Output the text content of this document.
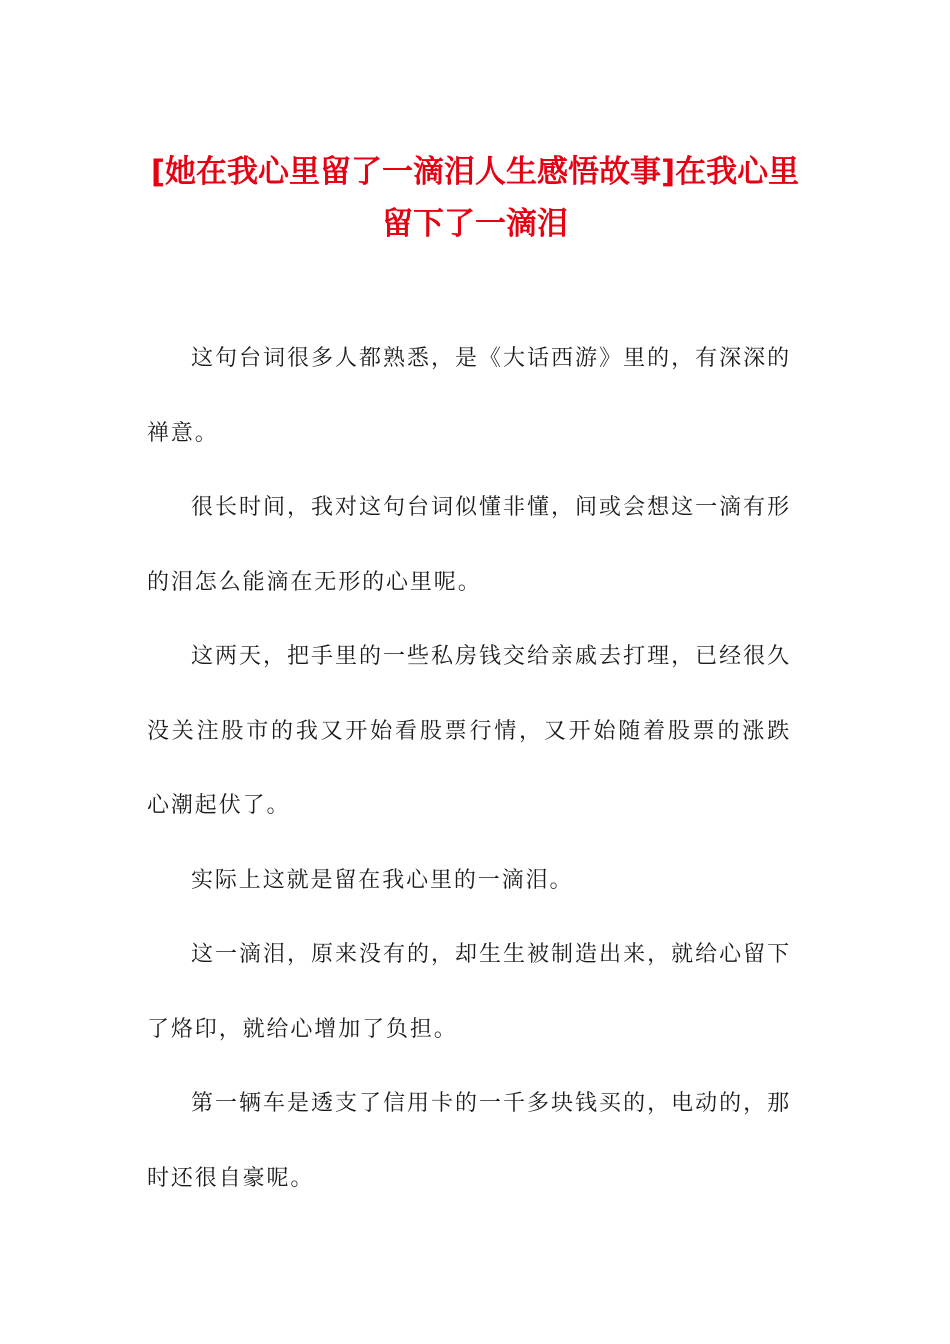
[她在我心里留了一滴泪人生感悟故事]在我心里留下了一滴泪

这句台词很多人都熟悉，是《大话西游》里的，有深深的禅意。

很长时间，我对这句台词似懂非懂，间或会想这一滴有形的泪怎么能滴在无形的心里呢。

这两天，把手里的一些私房钱交给亲戚去打理，已经很久没关注股市的我又开始看股票行情，又开始随着股票的涨跌心潮起伏了。

实际上这就是留在我心里的一滴泪。

这一滴泪，原来没有的，却生生被制造出来，就给心留下了烙印，就给心增加了负担。

第一辆车是透支了信用卡的一千多块钱买的，电动的，那时还很自豪呢。
